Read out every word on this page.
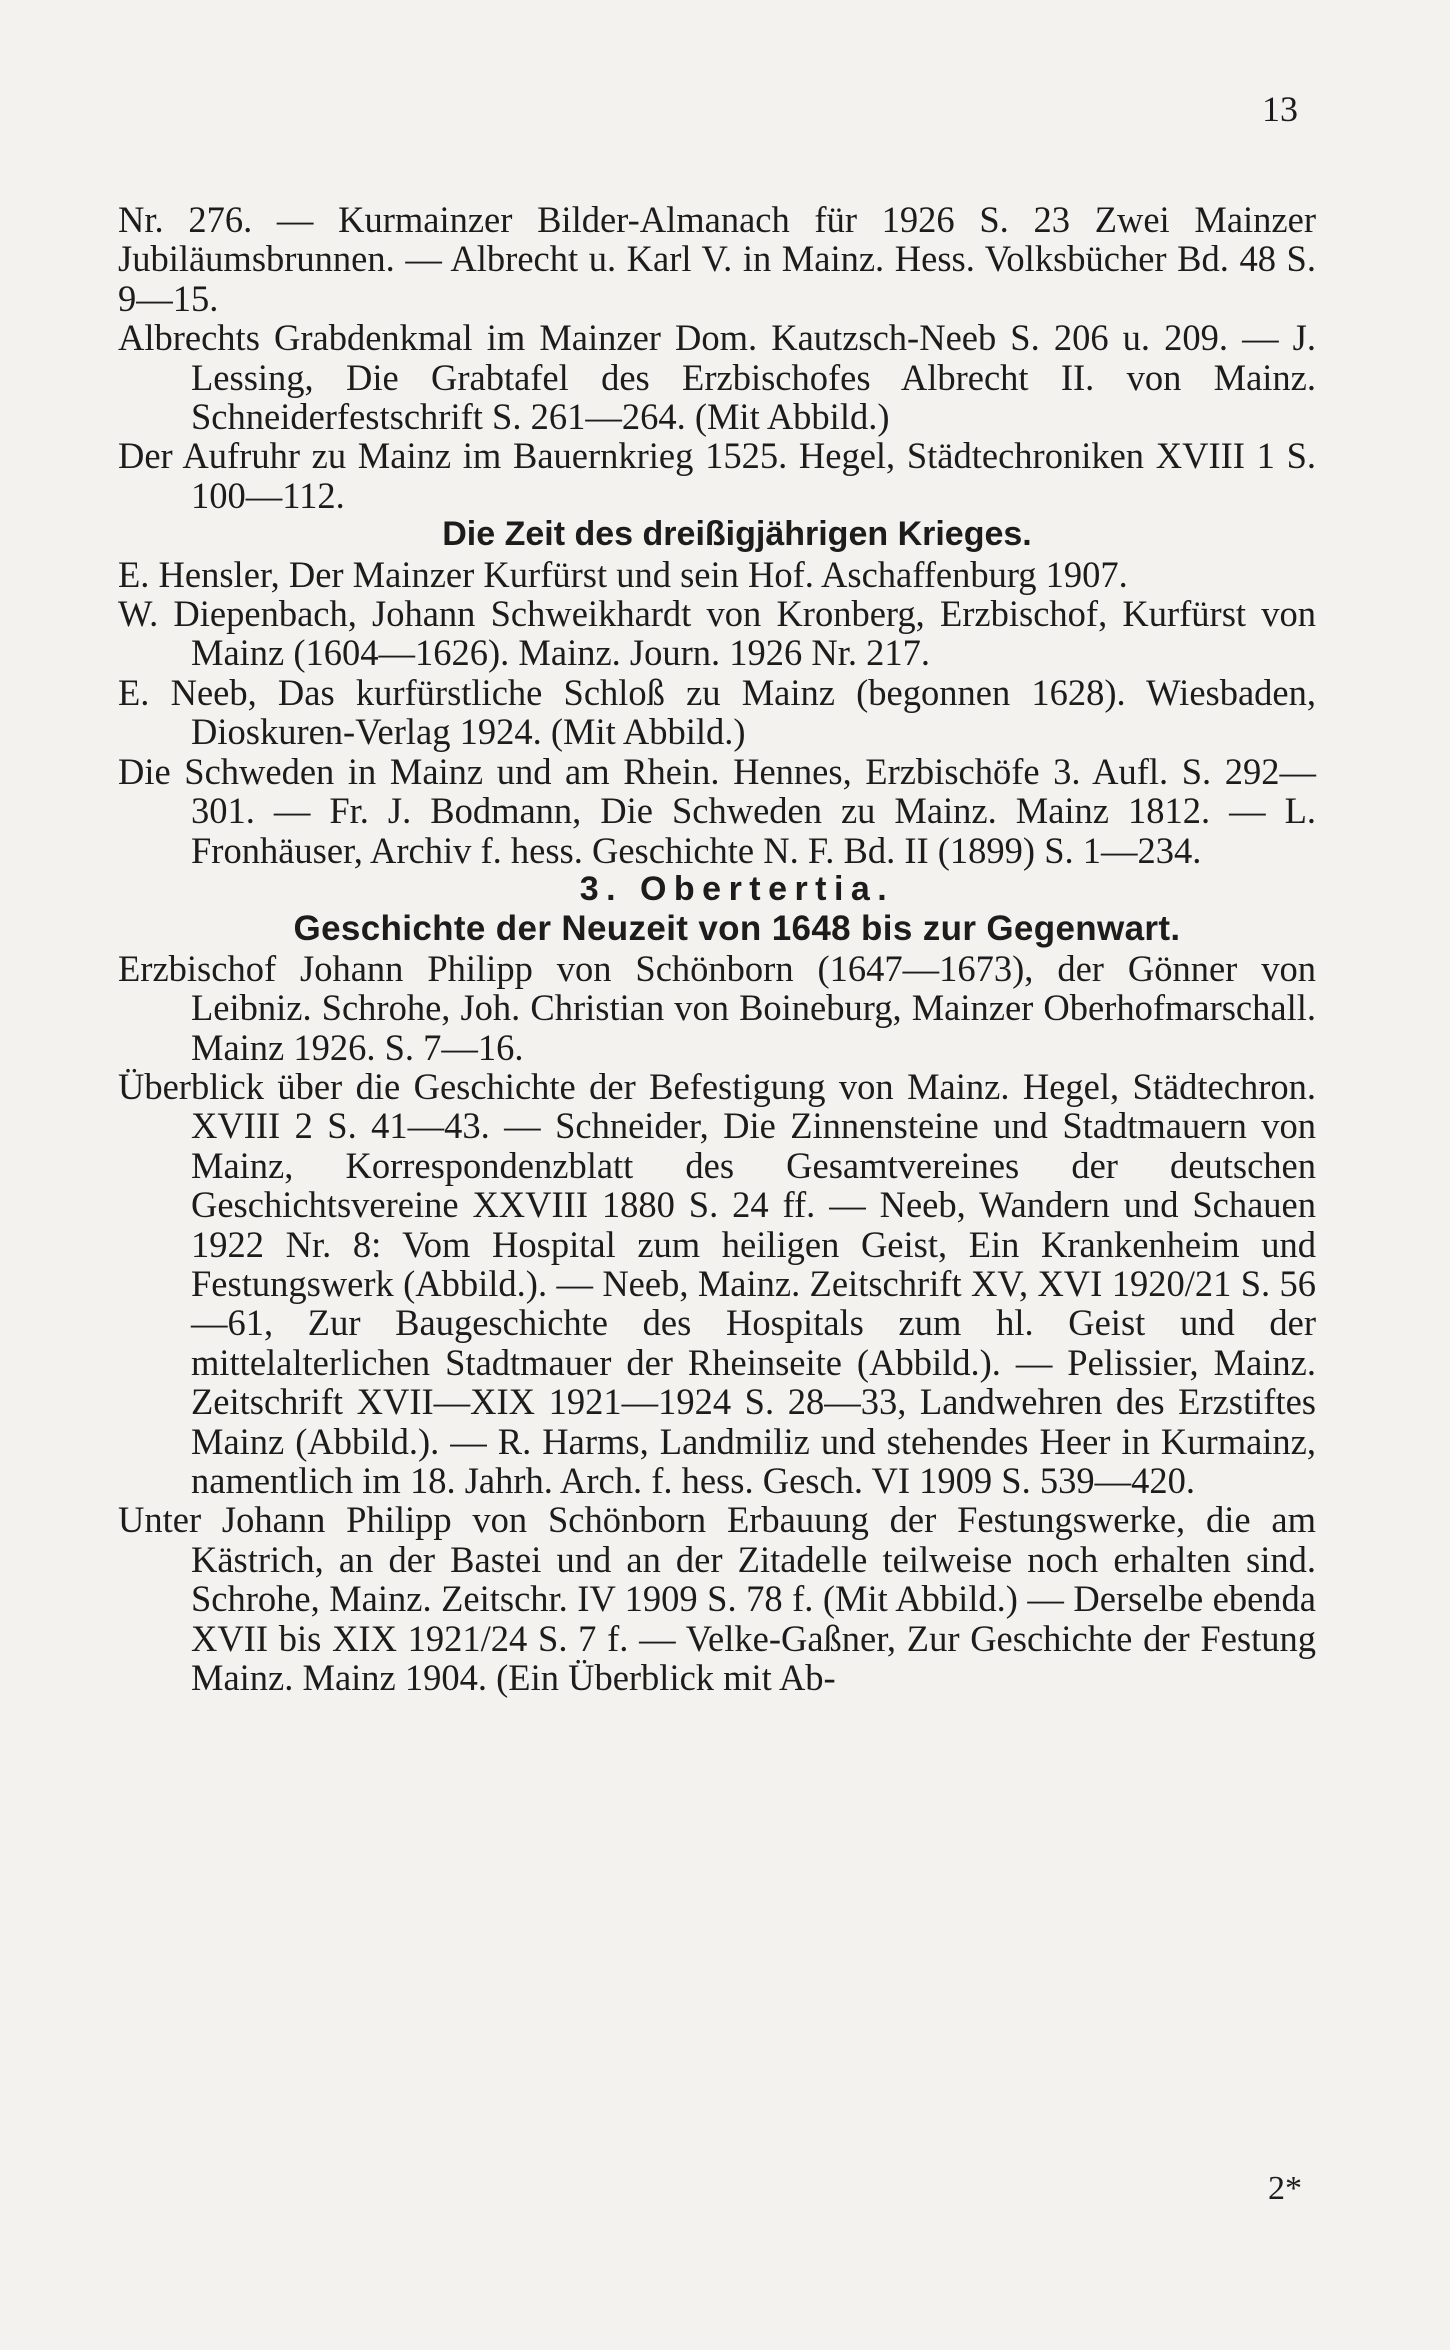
13

Nr. 276. — Kurmainzer Bilder-Almanach für 1926 S. 23 Zwei Mainzer Jubiläumsbrunnen. — Albrecht u. Karl V. in Mainz. Hess. Volksbücher Bd. 48 S. 9—15.

Albrechts Grabdenkmal im Mainzer Dom. Kautzsch-Neeb S. 206 u. 209. — J. Lessing, Die Grabtafel des Erzbischofes Albrecht II. von Mainz. Schneiderfestschrift S. 261—264. (Mit Abbild.)

Der Aufruhr zu Mainz im Bauernkrieg 1525. Hegel, Städtechroniken XVIII 1 S. 100—112.

Die Zeit des dreißigjährigen Krieges.

E. Hensler, Der Mainzer Kurfürst und sein Hof. Aschaffenburg 1907.

W. Diepenbach, Johann Schweikhardt von Kronberg, Erzbischof, Kurfürst von Mainz (1604—1626). Mainz. Journ. 1926 Nr. 217.

E. Neeb, Das kurfürstliche Schloß zu Mainz (begonnen 1628). Wiesbaden, Dioskuren-Verlag 1924. (Mit Abbild.)

Die Schweden in Mainz und am Rhein. Hennes, Erzbischöfe 3. Aufl. S. 292—301. — Fr. J. Bodmann, Die Schweden zu Mainz. Mainz 1812. — L. Fronhäuser, Archiv f. hess. Geschichte N. F. Bd. II (1899) S. 1—234.

3. Obertertia.

Geschichte der Neuzeit von 1648 bis zur Gegenwart.

Erzbischof Johann Philipp von Schönborn (1647—1673), der Gönner von Leibniz. Schrohe, Joh. Christian von Boineburg, Mainzer Oberhofmarschall. Mainz 1926. S. 7—16.

Überblick über die Geschichte der Befestigung von Mainz. Hegel, Städtechron. XVIII 2 S. 41—43. — Schneider, Die Zinnensteine und Stadtmauern von Mainz, Korrespondenzblatt des Gesamtvereines der deutschen Geschichtsvereine XXVIII 1880 S. 24 ff. — Neeb, Wandern und Schauen 1922 Nr. 8: Vom Hospital zum heiligen Geist, Ein Krankenheim und Festungswerk (Abbild.). — Neeb, Mainz. Zeitschrift XV, XVI 1920/21 S. 56—61, Zur Baugeschichte des Hospitals zum hl. Geist und der mittelalterlichen Stadtmauer der Rheinseite (Abbild.). — Pelissier, Mainz. Zeitschrift XVII—XIX 1921—1924 S. 28—33, Landwehren des Erzstiftes Mainz (Abbild.). — R. Harms, Landmiliz und stehendes Heer in Kurmainz, namentlich im 18. Jahrh. Arch. f. hess. Gesch. VI 1909 S. 539—420.

Unter Johann Philipp von Schönborn Erbauung der Festungswerke, die am Kästrich, an der Bastei und an der Zitadelle teilweise noch erhalten sind. Schrohe, Mainz. Zeitschr. IV 1909 S. 78 f. (Mit Abbild.) — Derselbe ebenda XVII bis XIX 1921/24 S. 7 f. — Velke-Gaßner, Zur Geschichte der Festung Mainz. Mainz 1904. (Ein Überblick mit Ab-

2*
